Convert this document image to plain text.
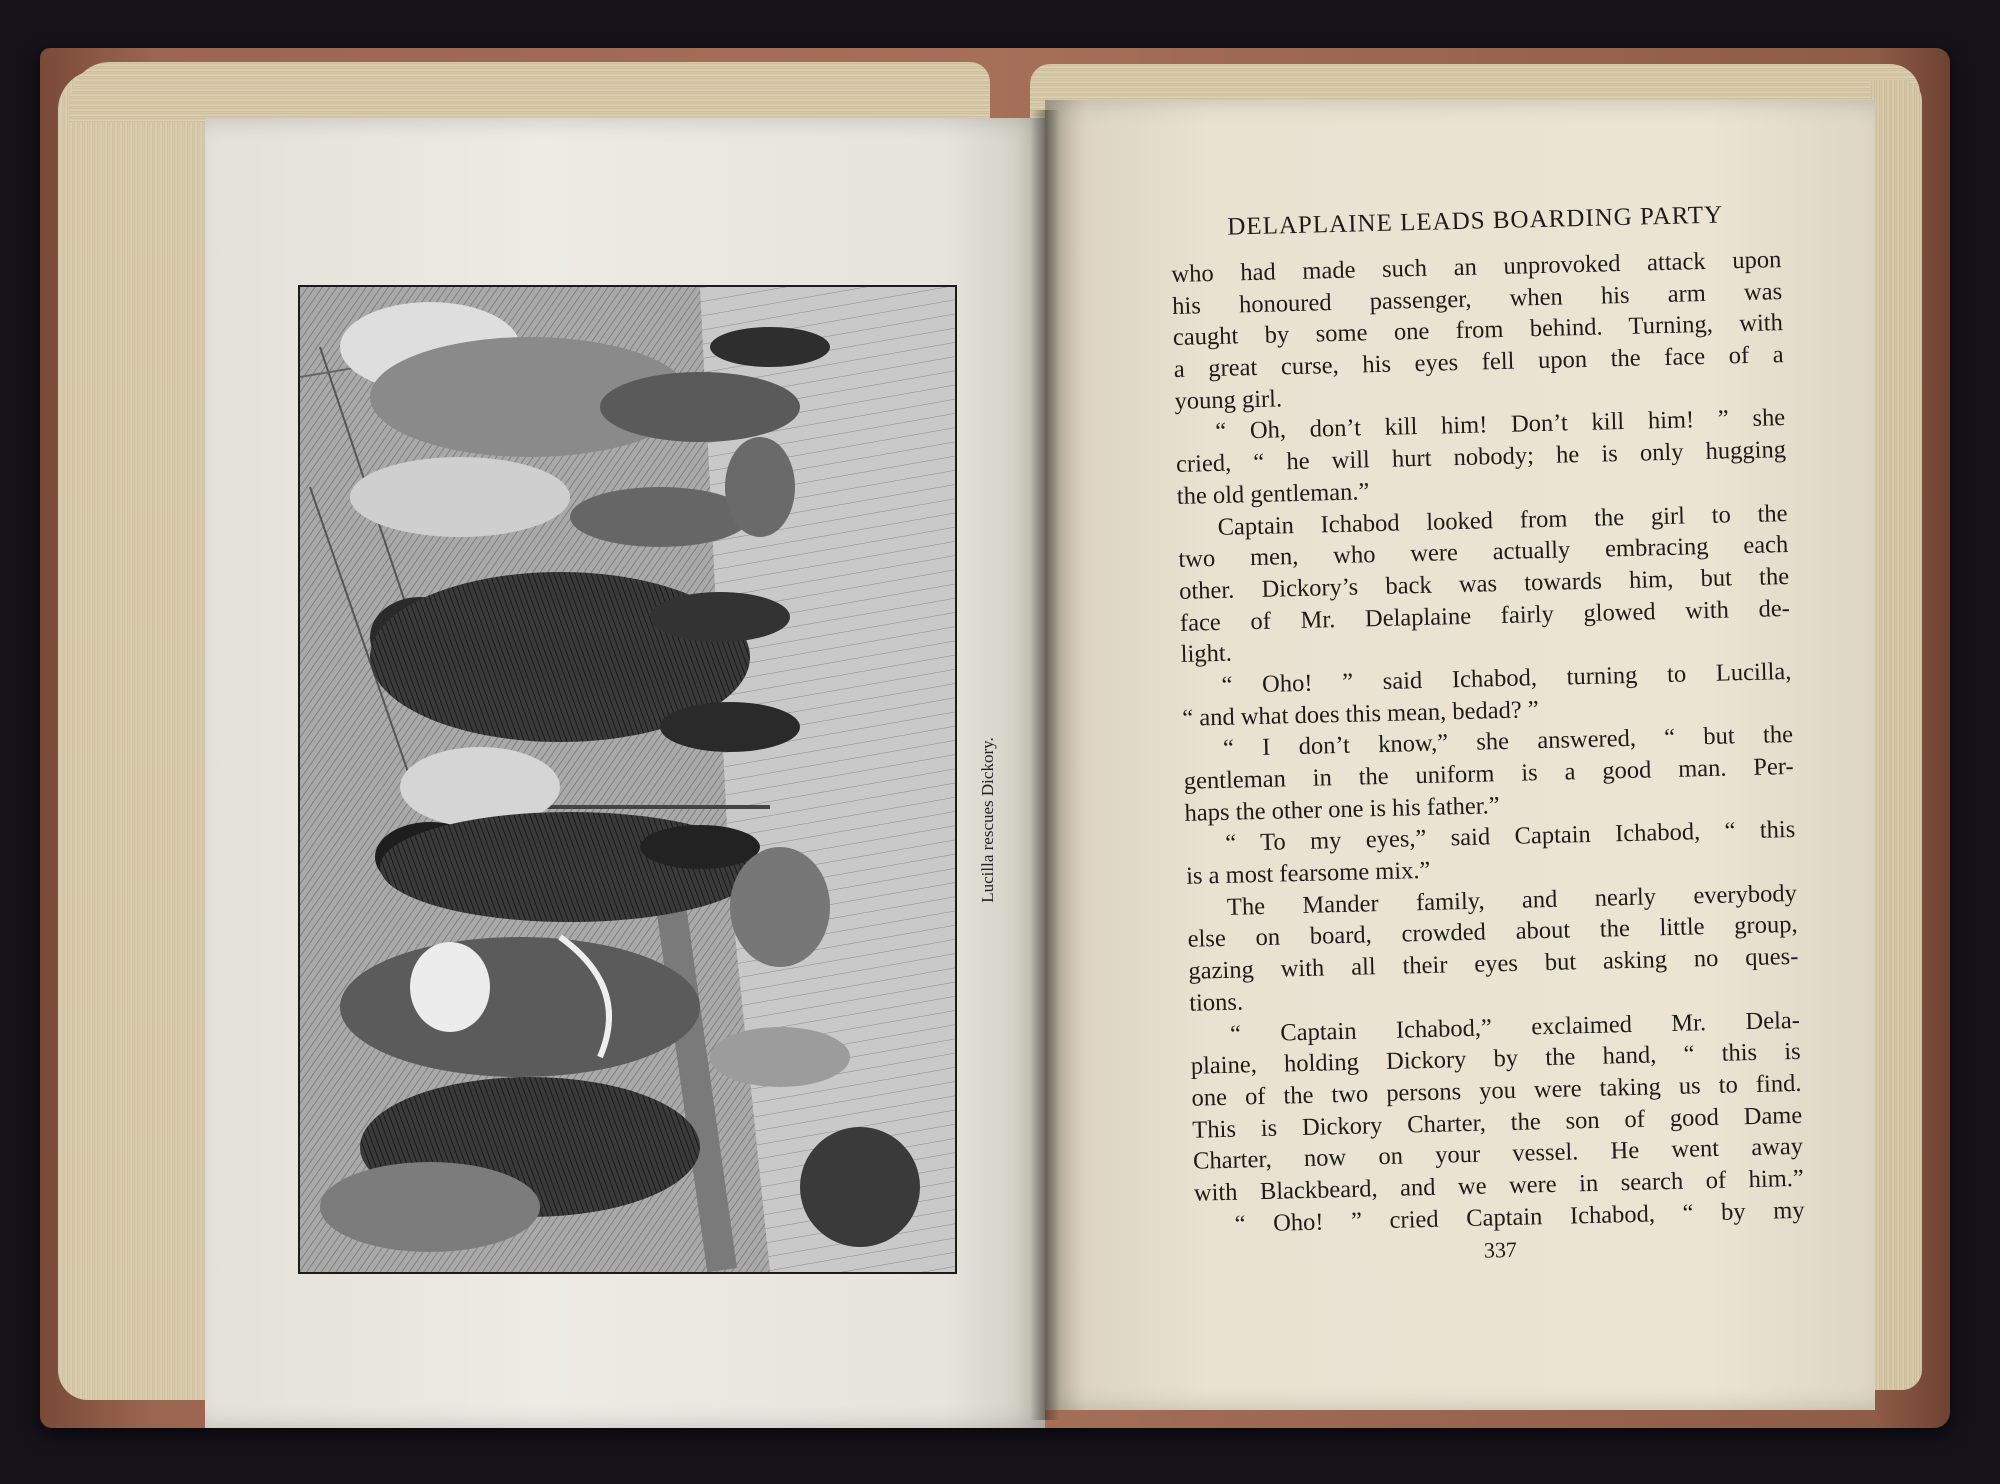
Lucilla rescues Dickory.
DELAPLAINE LEADS BOARDING PARTY
who had made such an unprovoked attack upon
his honoured passenger, when his arm was
caught by some one from behind. Turning, with
a great curse, his eyes fell upon the face of a
young girl.
“ Oh, don’t kill him! Don’t kill him! ” she
cried, “ he will hurt nobody; he is only hugging
the old gentleman.”
Captain Ichabod looked from the girl to the
two men, who were actually embracing each
other. Dickory’s back was towards him, but the
face of Mr. Delaplaine fairly glowed with de-
light.
“ Oho! ” said Ichabod, turning to Lucilla,
“ and what does this mean, bedad? ”
“ I don’t know,” she answered, “ but the
gentleman in the uniform is a good man. Per-
haps the other one is his father.”
“ To my eyes,” said Captain Ichabod, “ this
is a most fearsome mix.”
The Mander family, and nearly everybody
else on board, crowded about the little group,
gazing with all their eyes but asking no ques-
tions.
“ Captain Ichabod,” exclaimed Mr. Dela-
plaine, holding Dickory by the hand, “ this is
one of the two persons you were taking us to find.
This is Dickory Charter, the son of good Dame
Charter, now on your vessel. He went away
with Blackbeard, and we were in search of him.”
“ Oho! ” cried Captain Ichabod, “ by my
337
